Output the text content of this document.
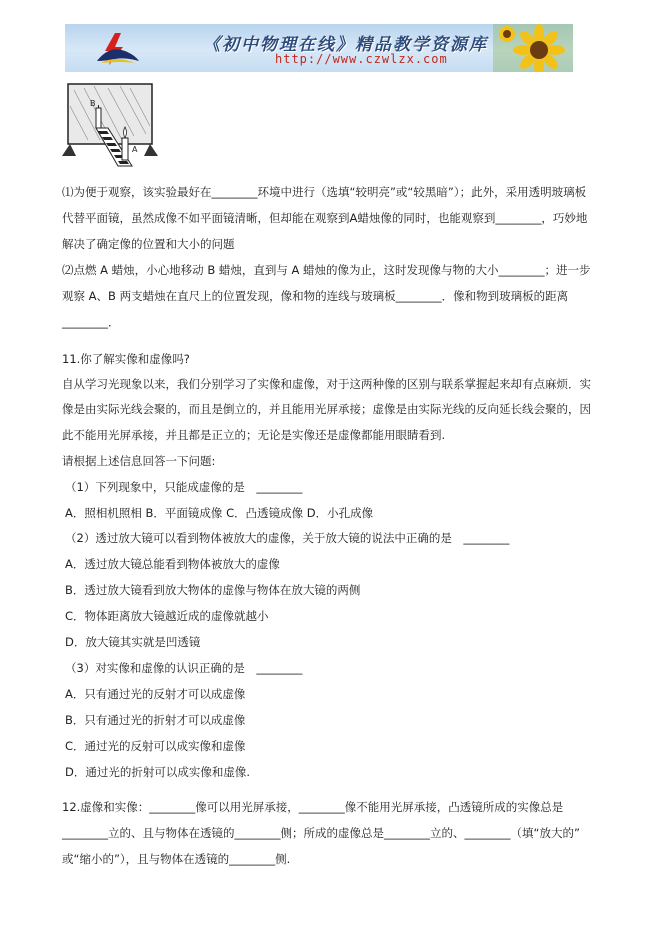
《初中物理在线》精品教学资源库
http://www.czwlzx.com
B
A
⑴为便于观察，该实验最好在________环境中进行（选填“较明亮”或“较黑暗”）；此外，采用透明玻璃板
代替平面镜，虽然成像不如平面镜清晰，但却能在观察到A蜡烛像的同时，也能观察到________，巧妙地
解决了确定像的位置和大小的问题
⑵点燃 A 蜡烛，小心地移动 B 蜡烛，直到与 A 蜡烛的像为止，这时发现像与物的大小________；进一步
观察 A、B 两支蜡烛在直尺上的位置发现，像和物的连线与玻璃板________．像和物到玻璃板的距离
________．
11.你了解实像和虚像吗?
自从学习光现象以来，我们分别学习了实像和虚像，对于这两种像的区别与联系掌握起来却有点麻烦．实
像是由实际光线会聚的，而且是倒立的，并且能用光屏承接；虚像是由实际光线的反向延长线会聚的，因
此不能用光屏承接，并且都是正立的；无论是实像还是虚像都能用眼睛看到.
请根据上述信息回答一下问题:
（1）下列现象中，只能成虚像的是　________
A．照相机照相 B．平面镜成像 C．凸透镜成像 D．小孔成像
（2）透过放大镜可以看到物体被放大的虚像，关于放大镜的说法中正确的是　________
A．透过放大镜总能看到物体被放大的虚像
B．透过放大镜看到放大物体的虚像与物体在放大镜的两侧
C．物体距离放大镜越近成的虚像就越小
D．放大镜其实就是凹透镜
（3）对实像和虚像的认识正确的是　________
A．只有通过光的反射才可以成虚像
B．只有通过光的折射才可以成虚像
C．通过光的反射可以成实像和虚像
D．通过光的折射可以成实像和虚像.
12.虚像和实像：________像可以用光屏承接，________像不能用光屏承接，凸透镜所成的实像总是
________立的、且与物体在透镜的________侧；所成的虚像总是________立的、________（填“放大的”
或“缩小的”），且与物体在透镜的________侧.
